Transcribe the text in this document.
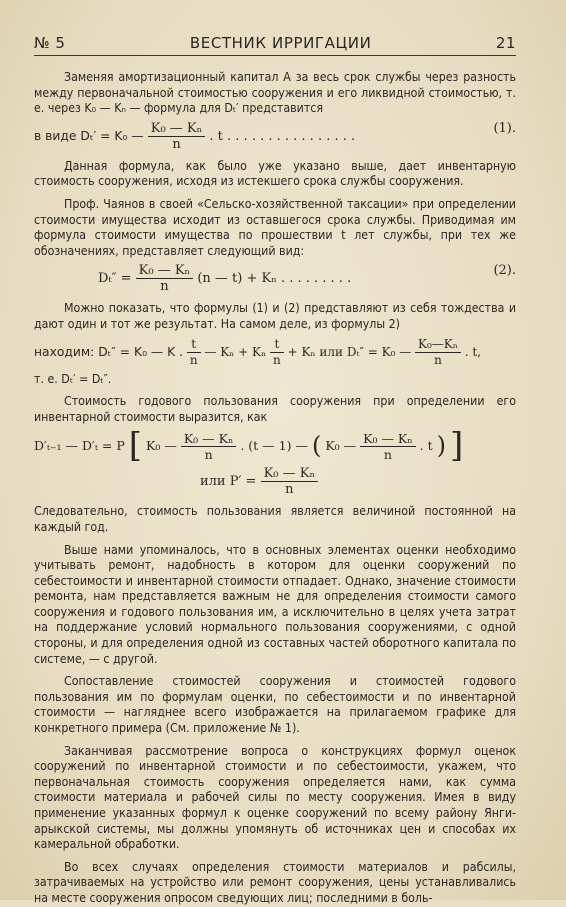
№ 5	ВЕСТНИК ИРРИГАЦИИ	21

Заменяя амортизационный капитал А за весь срок службы через разность между первоначальной стоимостью сооружения и его ликвидной стоимостью, т. е. через K₀ — Kₙ — формула для Dₜ′ представится

в виде Dₜ′ = K₀ — $\frac{\text{K₀ — Kₙ}}{n}$ . t . . . . . . . . . . . . . . . .
(1).

Данная формула, как было уже указано выше, дает инвентарную стоимость сооружения, исходя из истекшего срока службы сооружения.

Проф. Чаянов в своей «Сельско-хозяйственной таксации» при определении стоимости имущества исходит из оставшегося срока службы. Приводимая им формула стоимости имущества по прошествии t лет службы, при тех же обозначениях, представляет следующий вид:

$D_t'' = \frac{\text{K₀ — Kₙ}}{n} (n$ — t) + Kₙ . . . . . . . . .
(2).

Можно показать, что формулы (1) и (2) представляют из себя тождества и дают один и тот же результат. На самом деле, из формулы 2)

находим: Dₜ″ = K₀ — K . $\frac{t}{n}$ — Kₙ + Kₙ $\frac{t}{n} + K_n$ или Dₜ″ = K₀ — $\frac{\text{K₀—Kₙ}}{n}$ . t,

т. е. Dₜ′ = Dₜ″.

Стоимость годового пользования сооружения при определении его инвентарной стоимости выразится, как

D′ₜ₋₁ — D′ₜ = P [ K₀ — $\frac{\text{K₀ — Kₙ}}{n}$ . (t — 1) — ( K₀ — $\frac{\text{K₀ — Kₙ}}{n}$ . t ) ]
или $P' = \frac{\text{K₀ — Kₙ}}{n}$

Следовательно, стоимость пользования является величиной постоянной на каждый год.

Выше нами упоминалось, что в основных элементах оценки необходимо учитывать ремонт, надобность в котором для оценки сооружений по себестоимости и инвентарной стоимости отпадает. Однако, значение стоимости ремонта, нам представляется важным не для определения стоимости самого сооружения и годового пользования им, а исключительно в целях учета затрат на поддержание условий нормального пользования сооружениями, с одной стороны, и для определения одной из составных частей оборотного капитала по системе, — с другой.

Сопоставление стоимостей сооружения и стоимостей годового пользования им по формулам оценки, по себестоимости и по инвентарной стоимости — нагляднее всего изображается на прилагаемом графике для конкретного примера (См. приложение № 1).

Заканчивая рассмотрение вопроса о конструкциях формул оценок сооружений по инвентарной стоимости и по себестоимости, укажем, что первоначальная стоимость сооружения определяется нами, как сумма стоимости материала и рабочей силы по месту сооружения. Имея в виду применение указанных формул к оценке сооружений по всему району Янги-арыкской системы, мы должны упомянуть об источниках цен и способах их камеральной обработки.

Во всех случаях определения стоимости материалов и рабсилы, затрачиваемых на устройство или ремонт сооружения, цены устанавливались на месте сооружения опросом сведующих лиц; последними в боль-
